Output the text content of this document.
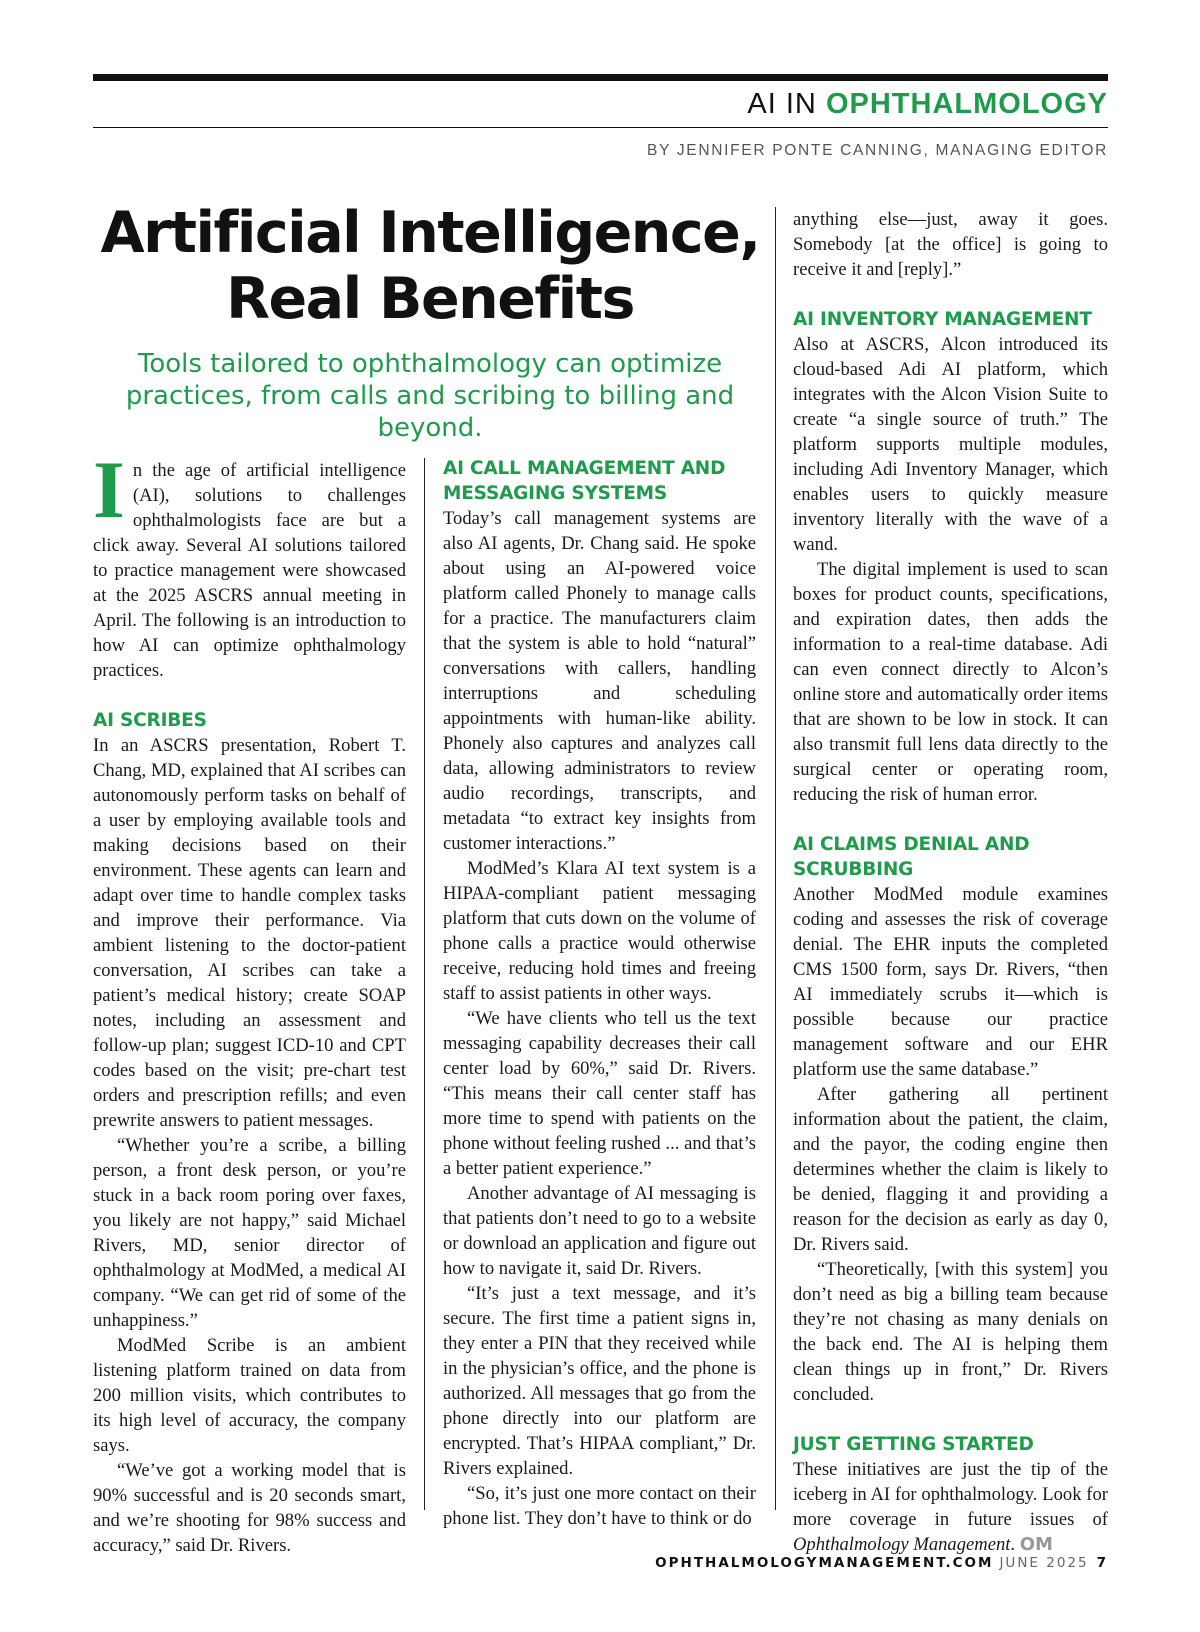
AI IN OPHTHALMOLOGY
BY JENNIFER PONTE CANNING, MANAGING EDITOR
Artificial Intelligence, Real Benefits
Tools tailored to ophthalmology can optimize practices, from calls and scribing to billing and beyond.

In the age of artificial intelligence (AI), solutions to challenges ophthalmologists face are but a click away. Several AI solutions tailored to practice management were showcased at the 2025 ASCRS annual meeting in April. The following is an introduction to how AI can optimize ophthalmology practices.

AI SCRIBES

In an ASCRS presentation, Robert T. Chang, MD, explained that AI scribes can autonomously perform tasks on behalf of a user by employing available tools and making decisions based on their environment. These agents can learn and adapt over time to handle complex tasks and improve their performance. Via ambient listening to the doctor-patient conversation, AI scribes can take a patient’s medical history; create SOAP notes, including an assessment and follow-up plan; suggest ICD-10 and CPT codes based on the visit; pre-chart test orders and prescription refills; and even prewrite answers to patient messages.

“Whether you’re a scribe, a billing person, a front desk person, or you’re stuck in a back room poring over faxes, you likely are not happy,” said Michael Rivers, MD, senior director of ophthalmology at ModMed, a medical AI company. “We can get rid of some of the unhappiness.”

ModMed Scribe is an ambient listening platform trained on data from 200 million visits, which contributes to its high level of accuracy, the company says.

“We’ve got a working model that is 90% successful and is 20 seconds smart, and we’re shooting for 98% success and accuracy,” said Dr. Rivers.

AI CALL MANAGEMENT AND MESSAGING SYSTEMS

Today’s call management systems are also AI agents, Dr. Chang said. He spoke about using an AI-powered voice platform called Phonely to manage calls for a practice. The manufacturers claim that the system is able to hold “natural” conversations with callers, handling interruptions and scheduling appointments with human-like ability. Phonely also captures and analyzes call data, allowing administrators to review audio recordings, transcripts, and metadata “to extract key insights from customer interactions.”

ModMed’s Klara AI text system is a HIPAA-compliant patient messaging platform that cuts down on the volume of phone calls a practice would otherwise receive, reducing hold times and freeing staff to assist patients in other ways.

“We have clients who tell us the text messaging capability decreases their call center load by 60%,” said Dr. Rivers. “This means their call center staff has more time to spend with patients on the phone without feeling rushed ... and that’s a better patient experience.”

Another advantage of AI messaging is that patients don’t need to go to a website or download an application and figure out how to navigate it, said Dr. Rivers.

“It’s just a text message, and it’s secure. The first time a patient signs in, they enter a PIN that they received while in the physician’s office, and the phone is authorized. All messages that go from the phone directly into our platform are encrypted. That’s HIPAA compliant,” Dr. Rivers explained.

“So, it’s just one more contact on their phone list. They don’t have to think or do

anything else—just, away it goes. Somebody [at the office] is going to receive it and [reply].”

AI INVENTORY MANAGEMENT

Also at ASCRS, Alcon introduced its cloud-based Adi AI platform, which integrates with the Alcon Vision Suite to create “a single source of truth.” The platform supports multiple modules, including Adi Inventory Manager, which enables users to quickly measure inventory literally with the wave of a wand.

The digital implement is used to scan boxes for product counts, specifications, and expiration dates, then adds the information to a real-time database. Adi can even connect directly to Alcon’s online store and automatically order items that are shown to be low in stock. It can also transmit full lens data directly to the surgical center or operating room, reducing the risk of human error.

AI CLAIMS DENIAL AND SCRUBBING

Another ModMed module examines coding and assesses the risk of coverage denial. The EHR inputs the completed CMS 1500 form, says Dr. Rivers, “then AI immediately scrubs it—which is possible because our practice management software and our EHR platform use the same database.”

After gathering all pertinent information about the patient, the claim, and the payor, the coding engine then determines whether the claim is likely to be denied, flagging it and providing a reason for the decision as early as day 0, Dr. Rivers said.

“Theoretically, [with this system] you don’t need as big a billing team because they’re not chasing as many denials on the back end. The AI is helping them clean things up in front,” Dr. Rivers concluded.

JUST GETTING STARTED

These initiatives are just the tip of the iceberg in AI for ophthalmology. Look for more coverage in future issues of Ophthalmology Management. OM

OPHTHALMOLOGYMANAGEMENT.COM JUNE 2025 7
